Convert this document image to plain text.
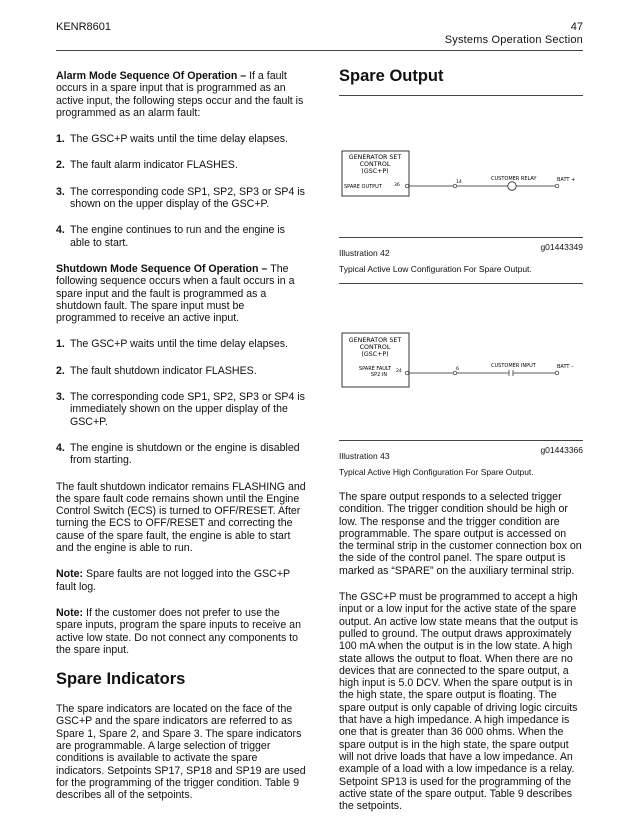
KENR8601	47
Systems Operation Section

Alarm Mode Sequence Of Operation – If a fault occurs in a spare input that is programmed as an active input, the following steps occur and the fault is programmed as an alarm fault:

1. The GSC+P waits until the time delay elapses.
2. The fault alarm indicator FLASHES.
3. The corresponding code SP1, SP2, SP3 or SP4 is shown on the upper display of the GSC+P.
4. The engine continues to run and the engine is able to start.

Shutdown Mode Sequence Of Operation – The following sequence occurs when a fault occurs in a spare input and the fault is programmed as a shutdown fault. The spare input must be programmed to receive an active input.

1. The GSC+P waits until the time delay elapses.
2. The fault shutdown indicator FLASHES.
3. The corresponding code SP1, SP2, SP3 or SP4 is immediately shown on the upper display of the GSC+P.
4. The engine is shutdown or the engine is disabled from starting.

The fault shutdown indicator remains FLASHING and the spare fault code remains shown until the Engine Control Switch (ECS) is turned to OFF/RESET. After turning the ECS to OFF/RESET and correcting the cause of the spare fault, the engine is able to start and the engine is able to run.

Note: Spare faults are not logged into the GSC+P fault log.

Note: If the customer does not prefer to use the spare inputs, program the spare inputs to receive an active low state. Do not connect any components to the spare input.

Spare Indicators

The spare indicators are located on the face of the GSC+P and the spare indicators are referred to as Spare 1, Spare 2, and Spare 3. The spare indicators are programmable. A large selection of trigger conditions is available to activate the spare indicators. Setpoints SP17, SP18 and SP19 are used for the programming of the trigger condition. Table 9 describes all of the setpoints.

Spare Output
GENERATOR SET
CONTROL
(GSC+P)
SPARE OUTPUT	36
14
CUSTOMER RELAY	BATT +
Illustration 42
g01443349
Typical Active Low Configuration For Spare Output.
GENERATOR SET
CONTROL
(GSC+P)
SPARE FAULT
SP2 IN
24	6
CUSTOMER INPUT	BATT –
Illustration 43
g01443366
Typical Active High Configuration For Spare Output.

The spare output responds to a selected trigger condition. The trigger condition should be high or low. The response and the trigger condition are programmable. The spare output is accessed on the terminal strip in the customer connection box on the side of the control panel. The spare output is marked as “SPARE” on the auxiliary terminal strip.

The GSC+P must be programmed to accept a high input or a low input for the active state of the spare output. An active low state means that the output is pulled to ground. The output draws approximately 100 mA when the output is in the low state. A high state allows the output to float. When there are no devices that are connected to the spare output, a high input is 5.0 DCV. When the spare output is in the high state, the spare output is floating. The spare output is only capable of driving logic circuits that have a high impedance. A high impedance is one that is greater than 36 000 ohms. When the spare output is in the high state, the spare output will not drive loads that have a low impedance. An example of a load with a low impedance is a relay. Setpoint SP13 is used for the programming of the active state of the spare output. Table 9 describes the setpoints.
